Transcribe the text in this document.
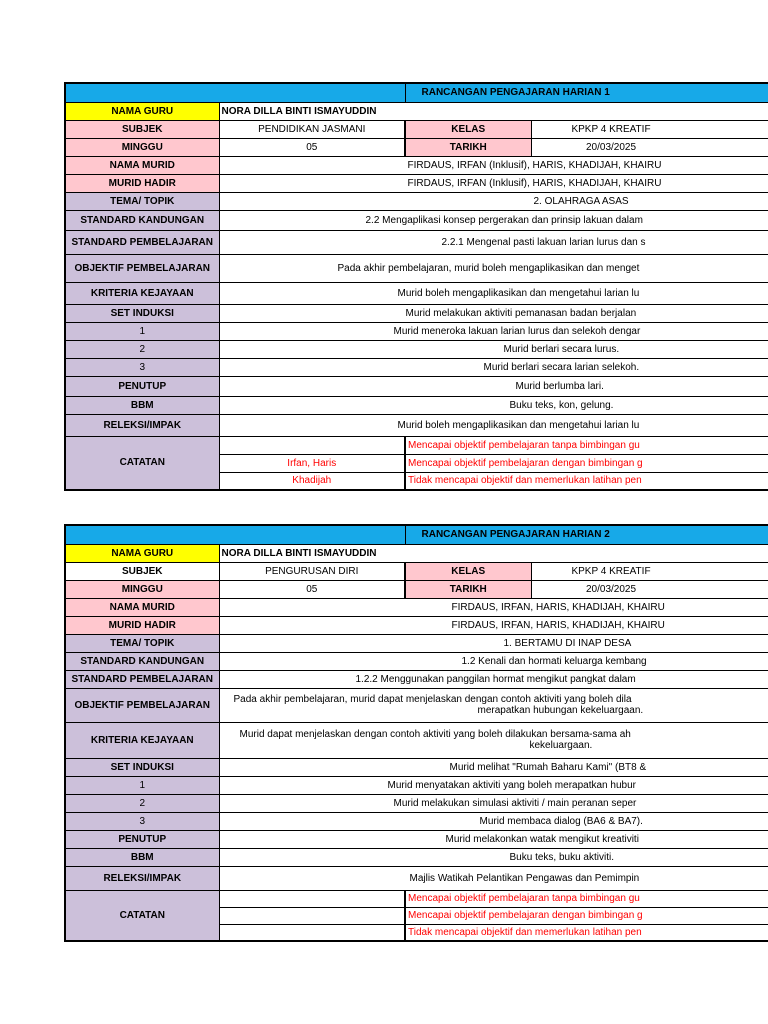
		RANCANGAN PENGAJARAN HARIAN 1	
NAMA GURU	NORA DILLA BINTI ISMAYUDDIN		
SUBJEK	PENDIDIKAN JASMANI	KELAS	KPKP 4 KREATIF
MINGGU	05	TARIKH	20/03/2025
NAMA MURID	FIRDAUS, IRFAN (Inklusif), HARIS, KHADIJAH, KHAIRU		
MURID HADIR	FIRDAUS, IRFAN (Inklusif), HARIS, KHADIJAH, KHAIRU		
TEMA/ TOPIK	2. OLAHRAGA ASAS		
STANDARD KANDUNGAN	2.2 Mengaplikasi konsep pergerakan dan prinsip lakuan dalam		
STANDARD PEMBELAJARAN	2.2.1 Mengenal pasti lakuan larian lurus dan s		
OBJEKTIF PEMBELAJARAN	Pada akhir pembelajaran, murid boleh mengaplikasikan dan menget		
KRITERIA KEJAYAAN	Murid boleh mengaplikasikan dan mengetahui larian lu		
SET INDUKSI	Murid melakukan aktiviti pemanasan badan berjalan		
1	Murid meneroka lakuan larian lurus dan selekoh dengar		
2	Murid berlari secara lurus.		
3	Murid berlari secara larian selekoh.		
PENUTUP	Murid berlumba lari.		
BBM	Buku teks, kon, gelung.		
RELEKSI/IMPAK	Murid boleh mengaplikasikan dan mengetahui larian lu		
CATATAN		Mencapai objektif pembelajaran tanpa bimbingan gu	
	Irfan, Haris	Mencapai objektif pembelajaran dengan bimbingan g	
	Khadijah	Tidak mencapai objektif dan memerlukan latihan pen	
		RANCANGAN PENGAJARAN HARIAN 2	
NAMA GURU	NORA DILLA BINTI ISMAYUDDIN		
SUBJEK	PENGURUSAN DIRI	KELAS	KPKP 4 KREATIF
MINGGU	05	TARIKH	20/03/2025
NAMA MURID	FIRDAUS, IRFAN, HARIS, KHADIJAH, KHAIRU		
MURID HADIR	FIRDAUS, IRFAN, HARIS, KHADIJAH, KHAIRU		
TEMA/ TOPIK	1. BERTAMU DI INAP DESA		
STANDARD KANDUNGAN	1.2 Kenali dan hormati keluarga kembang		
STANDARD PEMBELAJARAN	1.2.2 Menggunakan panggilan hormat mengikut pangkat dalam		
OBJEKTIF PEMBELAJARAN	Pada akhir pembelajaran, murid dapat menjelaskan dengan contoh aktiviti yang boleh dila
merapatkan hubungan kekeluargaan.		

KRITERIA KEJAYAAN	Murid dapat menjelaskan dengan contoh aktiviti yang boleh dilakukan bersama-sama ah
kekeluargaan.		

SET INDUKSI	Murid melihat "Rumah Baharu Kami" (BT8 &		
1	Murid menyatakan aktiviti yang boleh merapatkan hubur		
2	Murid melakukan simulasi aktiviti / main peranan seper		
3	Murid membaca dialog (BA6 & BA7).		
PENUTUP	Murid melakonkan watak mengikut kreativiti		
BBM	Buku teks, buku aktiviti.		
RELEKSI/IMPAK	Majlis Watikah Pelantikan Pengawas dan Pemimpin		
CATATAN		Mencapai objektif pembelajaran tanpa bimbingan gu	
		Mencapai objektif pembelajaran dengan bimbingan g	
		Tidak mencapai objektif dan memerlukan latihan pen	
